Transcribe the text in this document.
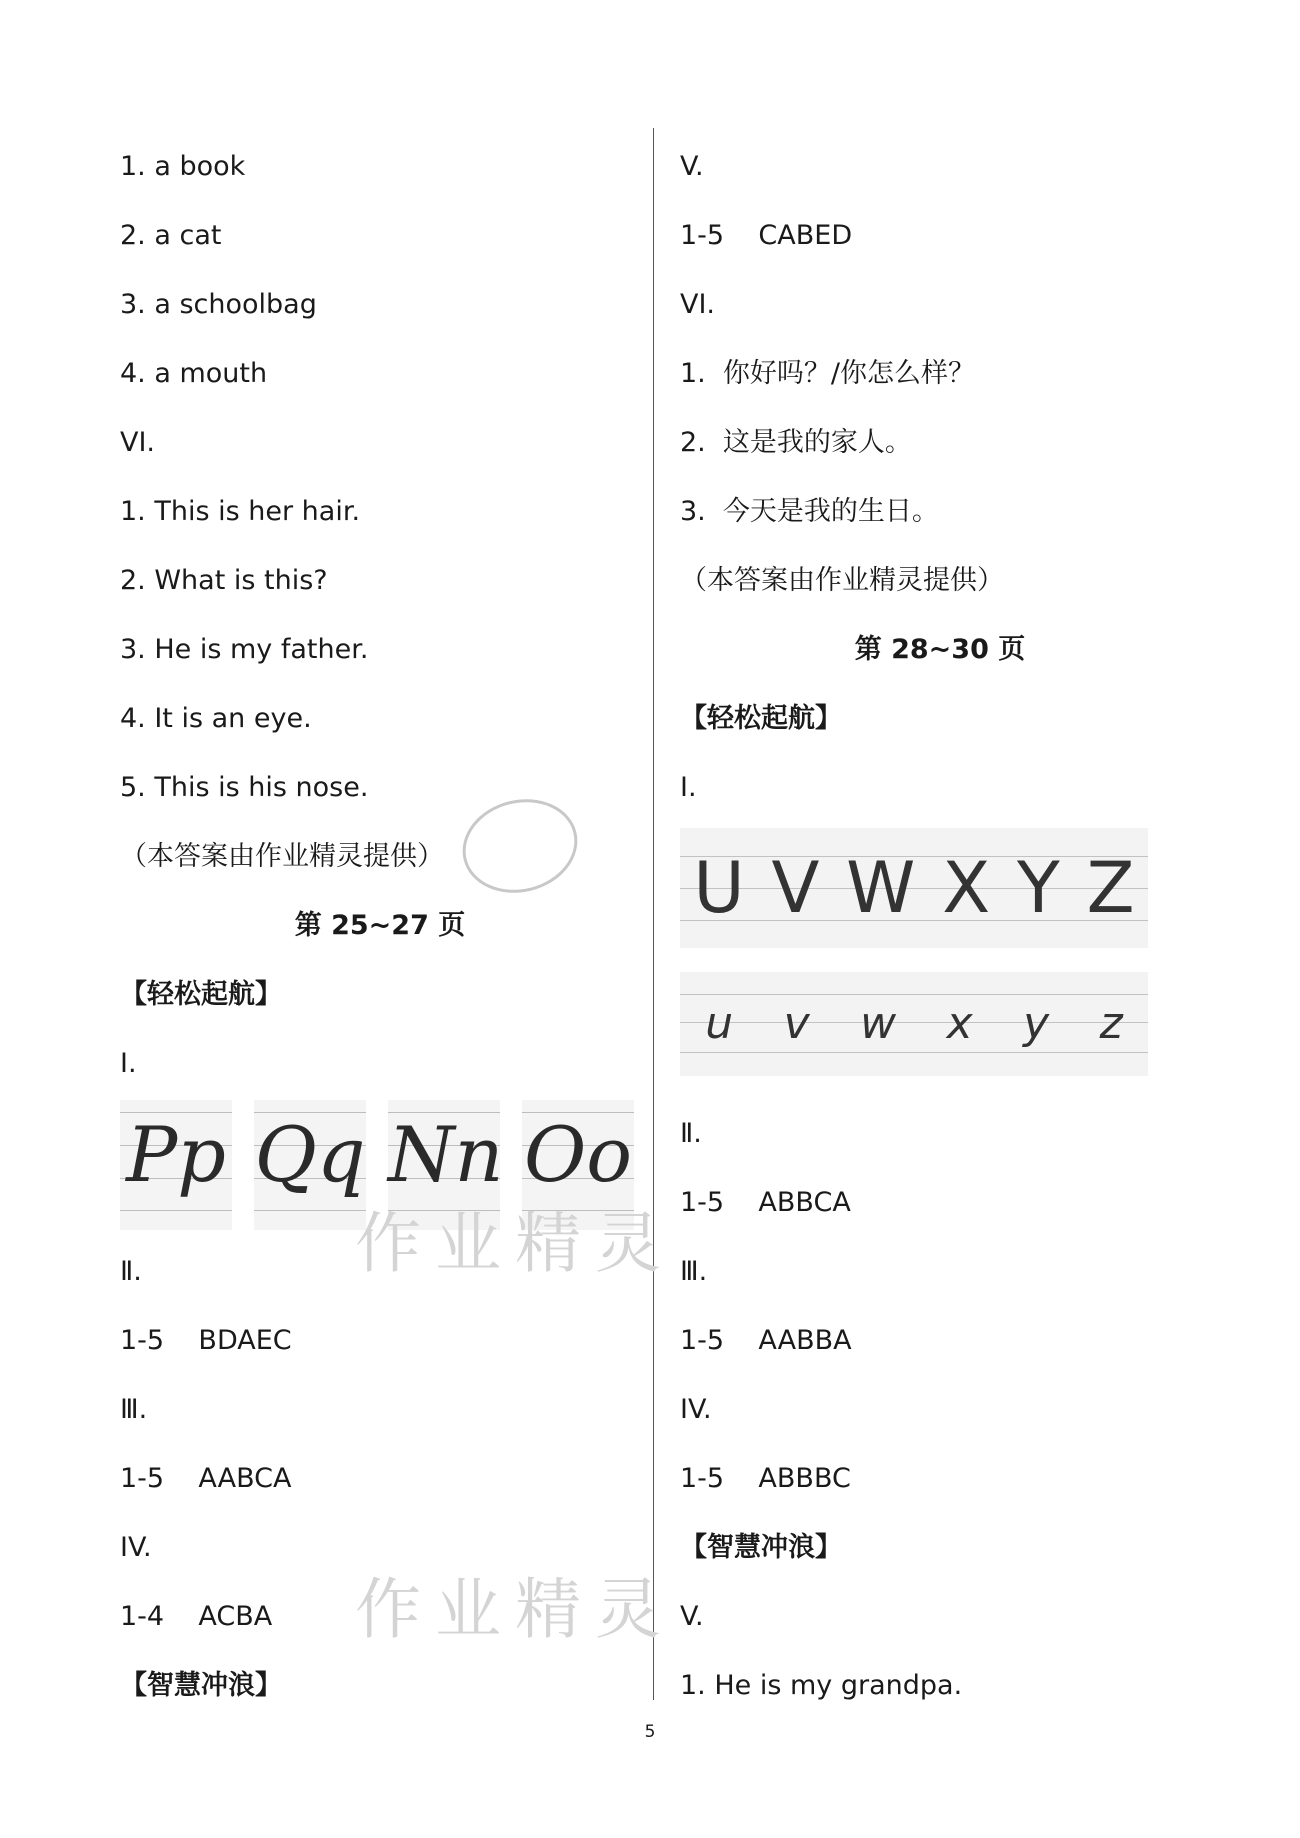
第 25~27 页
【轻松起航】
Ⅰ.
Pp Qq Nn Oo
【智慧冲浪】
1. a book
2. a cat
3. a schoolbag
4. a mouth
VI.
1. This is her hair.
2. What is this?
3. He is my father.
4. It is an eye.
5. This is his nose.
（本答案由作业精灵提供）
Ⅱ.
1-5    BDAEC
Ⅲ.
1-5    AABCA
IV.
1-4    ACBA
第 28~30 页
【轻松起航】
Ⅰ.
U V W X Y Z
u v w x y z
【智慧冲浪】
V.
1-5    CABED
VI.
1.  你好吗？/你怎么样？
2.  这是我的家人。
3.  今天是我的生日。
（本答案由作业精灵提供）
Ⅱ.
1-5    ABBCA
Ⅲ.
1-5    AABBA
IV.
1-5    ABBBC
V.
1. He is my grandpa.
作业精灵
作业精灵
5
